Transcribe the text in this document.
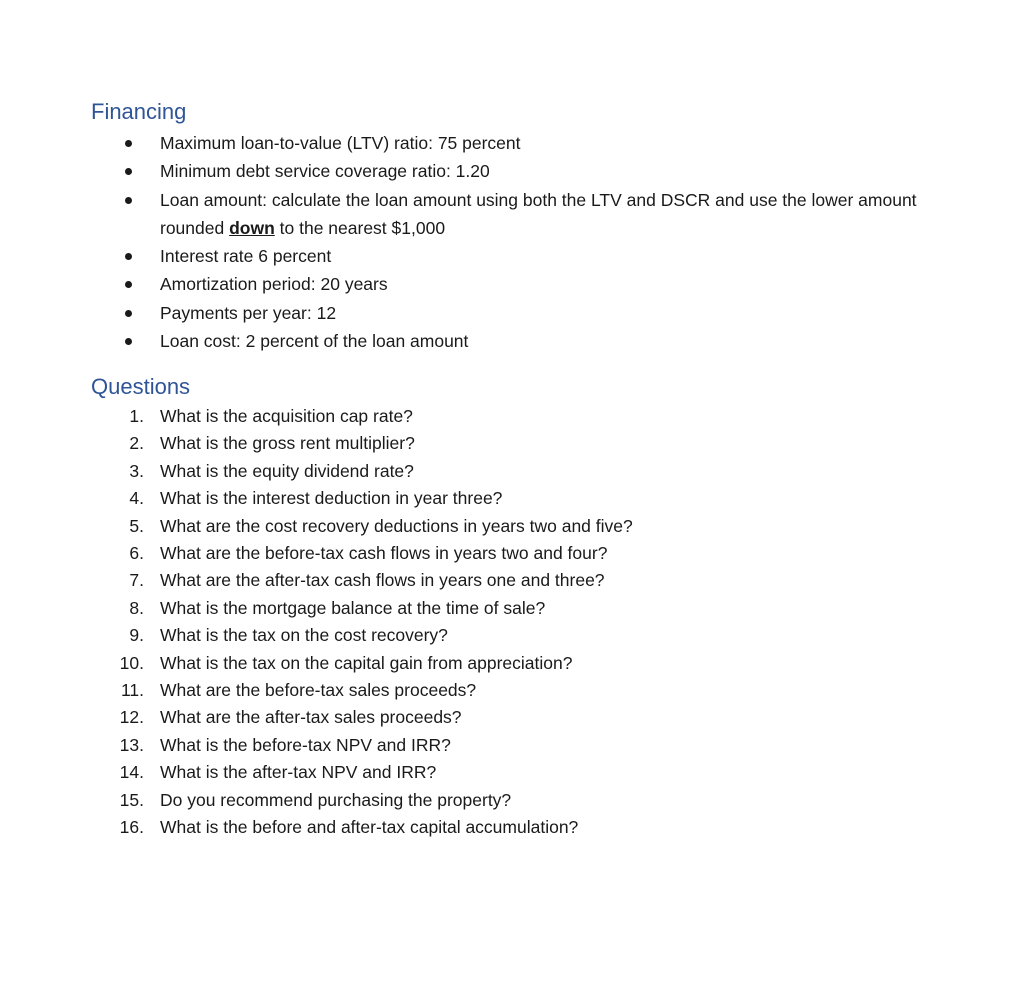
Financing
Maximum loan-to-value (LTV) ratio: 75 percent
Minimum debt service coverage ratio: 1.20
Loan amount: calculate the loan amount using both the LTV and DSCR and use the lower amount rounded down to the nearest $1,000
Interest rate 6 percent
Amortization period: 20 years
Payments per year: 12
Loan cost: 2 percent of the loan amount
Questions
1. What is the acquisition cap rate?
2. What is the gross rent multiplier?
3. What is the equity dividend rate?
4. What is the interest deduction in year three?
5. What are the cost recovery deductions in years two and five?
6. What are the before-tax cash flows in years two and four?
7. What are the after-tax cash flows in years one and three?
8. What is the mortgage balance at the time of sale?
9. What is the tax on the cost recovery?
10. What is the tax on the capital gain from appreciation?
11. What are the before-tax sales proceeds?
12. What are the after-tax sales proceeds?
13. What is the before-tax NPV and IRR?
14. What is the after-tax NPV and IRR?
15. Do you recommend purchasing the property?
16. What is the before and after-tax capital accumulation?
